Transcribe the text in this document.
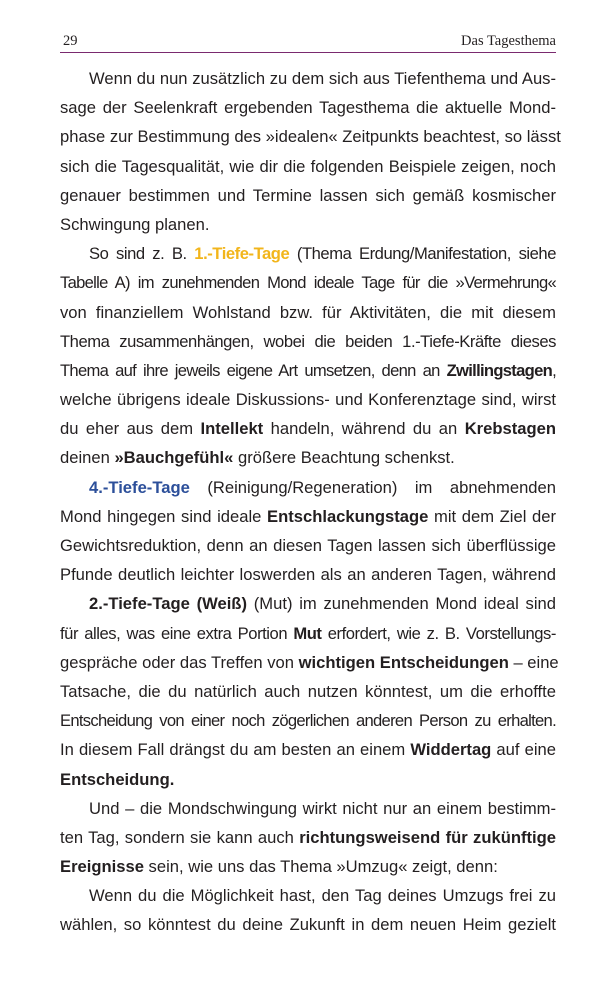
29	Das Tagesthema
Wenn du nun zusätzlich zu dem sich aus Tiefenthema und Aus-
sage der Seelenkraft ergebenden Tagesthema die aktuelle Mond-
phase zur Bestimmung des »idealen« Zeitpunkts beachtest, so lässt
sich die Tagesqualität, wie dir die folgenden Beispiele zeigen, noch
genauer bestimmen und Termine lassen sich gemäß kosmischer
Schwingung planen.
So sind z. B. 1.-Tiefe-Tage (Thema Erdung/Manifestation, siehe
Tabelle A) im zunehmenden Mond ideale Tage für die »Vermehrung«
von finanziellem Wohlstand bzw. für Aktivitäten, die mit diesem
Thema zusammenhängen, wobei die beiden 1.-Tiefe-Kräfte dieses
Thema auf ihre jeweils eigene Art umsetzen, denn an Zwillingstagen,
welche übrigens ideale Diskussions- und Konferenztage sind, wirst
du eher aus dem Intellekt handeln, während du an Krebstagen
deinen »Bauchgefühl« größere Beachtung schenkst.
4.-Tiefe-Tage (Reinigung/Regeneration) im abnehmenden
Mond hingegen sind ideale Entschlackungstage mit dem Ziel der
Gewichtsreduktion, denn an diesen Tagen lassen sich überflüssige
Pfunde deutlich leichter loswerden als an anderen Tagen, während
2.-Tiefe-Tage (Weiß) (Mut) im zunehmenden Mond ideal sind
für alles, was eine extra Portion Mut erfordert, wie z. B. Vorstellungs-
gespräche oder das Treffen von wichtigen Entscheidungen – eine
Tatsache, die du natürlich auch nutzen könntest, um die erhoffte
Entscheidung von einer noch zögerlichen anderen Person zu erhalten.
In diesem Fall drängst du am besten an einem Widdertag auf eine
Entscheidung.
Und – die Mondschwingung wirkt nicht nur an einem bestimm-
ten Tag, sondern sie kann auch richtungsweisend für zukünftige
Ereignisse sein, wie uns das Thema »Umzug« zeigt, denn:
Wenn du die Möglichkeit hast, den Tag deines Umzugs frei zu
wählen, so könntest du deine Zukunft in dem neuen Heim gezielt
